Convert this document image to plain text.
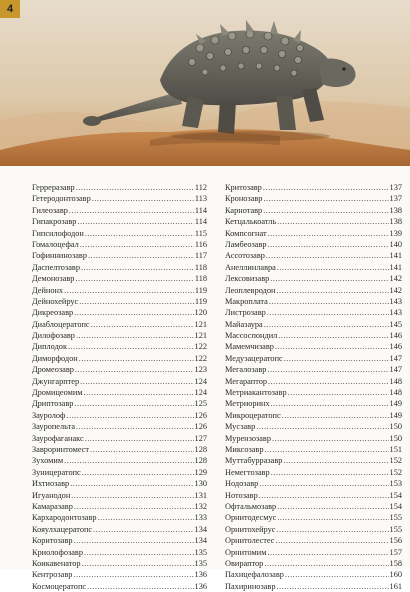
4
Герреразавр .....	112
Гетеродонтозавр .....	113
Гилеозавр .....	114
Гипакрозавр .....	114
Гипсилофодон .....	115
Гомалоцефал .....	116
Гофиннинозавр .....	117
Даспелтозавр .....	118
Демонозавр .....	118
Дейнонх .....	119
Дейнохейрус .....	119
Дикреозавр .....	120
Диаблоцератопс .....	121
Дилофозавр .....	121
Диплодок .....	122
Диморфодон .....	122
Дромеозавр .....	123
Джунгарптер .....	124
Дромицеомим .....	124
Дриптозавр .....	125
Зауролоф .....	126
Зауропельта .....	126
Заурофаганакс .....	127
Завроринтомест .....	128
Зухомим .....	128
Зуницератопс .....	129
Ихтиозавр .....	130
Игуанодон .....	131
Камаразавр .....	132
Кархародонтозавр .....	133
Кояулхацератопс .....	134
Коритозавр .....	134
Криолофозавр .....	135
Коикавенатор .....	135
Кентрозавр .....	136
Космоцератопс .....	136
Критозавр .....	137
Кронозавр .....	137
Карнотавр .....	138
Кетцалькоатль .....	138
Компсогнат .....	139
Ламбеозавр .....	140
Ассотозавр .....	141
Анеллинлавра .....	141
Лексовизавр .....	142
Леоплевродон .....	142
Макроплата .....	143
Листрозавр .....	143
Майазаура .....	145
Массоспондил .....	146
Мамемчизавр .....	146
Медузацератопс .....	147
Мегалозавр .....	147
Мегараптор .....	148
Метриакантозавр .....	148
Метриоринх .....	149
Микроцератопс .....	149
Мусзавр .....	150
Мурензозавр .....	150
Миксозавр .....	151
Муттабурразавр .....	152
Немегтозавр .....	152
Нодозавр .....	153
Нотозавр .....	154
Офтальмозавр .....	154
Орнитодесмус .....	155
Орнитохейрус .....	155
Орнитолестес .....	156
Орнитомим .....	157
Овираптор .....	158
Пахицефалозавр .....	160
Пахиринозавр .....	161
